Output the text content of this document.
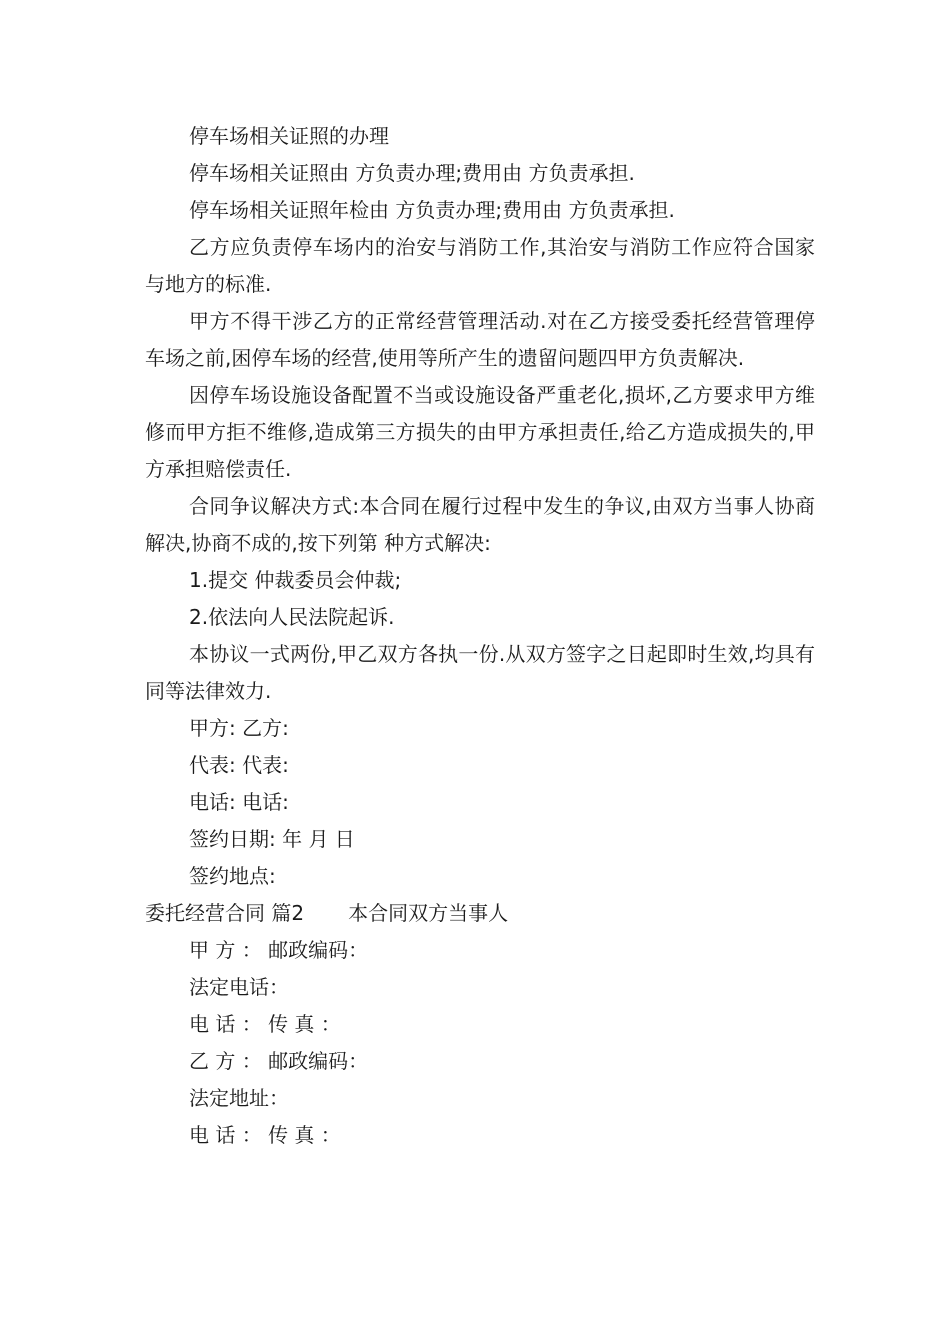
停车场相关证照的办理

停车场相关证照由 方负责办理;费用由 方负责承担.

停车场相关证照年检由 方负责办理;费用由 方负责承担.

乙方应负责停车场内的治安与消防工作,其治安与消防工作应符合国家与地方的标准.

甲方不得干涉乙方的正常经营管理活动.对在乙方接受委托经营管理停车场之前,困停车场的经营,使用等所产生的遗留问题四甲方负责解决.

因停车场设施设备配置不当或设施设备严重老化,损坏,乙方要求甲方维修而甲方拒不维修,造成第三方损失的由甲方承担责任,给乙方造成损失的,甲方承担赔偿责任.

合同争议解决方式:本合同在履行过程中发生的争议,由双方当事人协商解决,协商不成的,按下列第 种方式解决:

1.提交 仲裁委员会仲裁;

2.依法向人民法院起诉.

本协议一式两份,甲乙双方各执一份.从双方签字之日起即时生效,均具有同等法律效力.

甲方: 乙方:

代表: 代表:

电话: 电话:

签约日期: 年 月 日

签约地点:

委托经营合同 篇2 本合同双方当事人

甲 方 ： 邮政编码：

法定电话：

电 话 ： 传 真 ：

乙 方 ： 邮政编码：

法定地址：

电 话 ： 传 真 ：
